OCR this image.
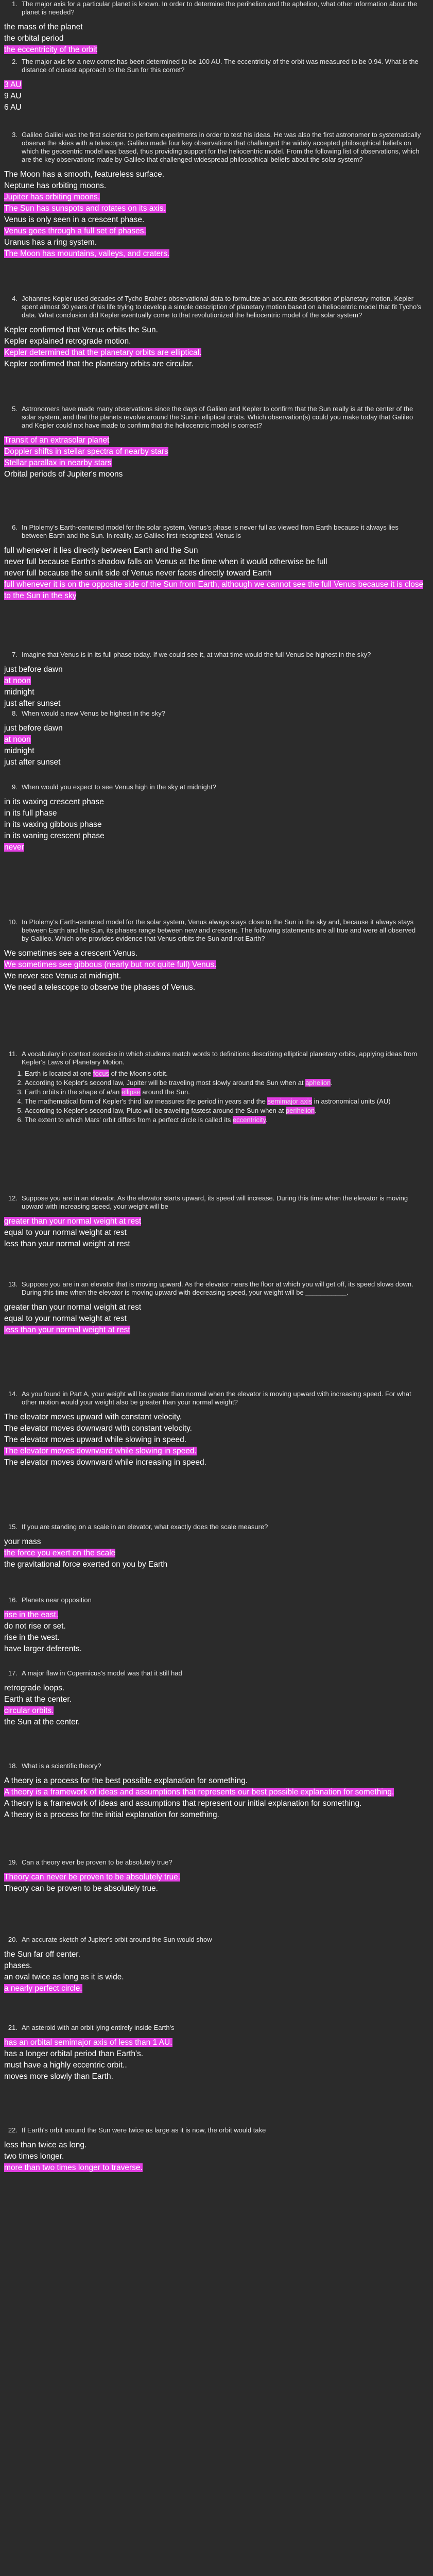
1. The major axis for a particular planet is known. In order to determine the perihelion and the aphelion, what other information about the planet is needed?
the mass of the planet
the orbital period
the eccentricity of the orbit
2. The major axis for a new comet has been determined to be 100 AU. The eccentricity of the orbit was measured to be 0.94. What is the distance of closest approach to the Sun for this comet?
3 AU
9 AU
6 AU
3. Galileo Galilei was the first scientist to perform experiments in order to test his ideas. He was also the first astronomer to systematically observe the skies with a telescope. Galileo made four key observations that challenged the widely accepted philosophical beliefs on which the geocentric model was based, thus providing support for the heliocentric model. From the following list of observations, which are the key observations made by Galileo that challenged widespread philosophical beliefs about the solar system?
The Moon has a smooth, featureless surface.
Neptune has orbiting moons.
Jupiter has orbiting moons.
The Sun has sunspots and rotates on its axis.
Venus is only seen in a crescent phase.
Venus goes through a full set of phases.
Uranus has a ring system.
The Moon has mountains, valleys, and craters.
4. Johannes Kepler used decades of Tycho Brahe's observational data to formulate an accurate description of planetary motion. Kepler spent almost 30 years of his life trying to develop a simple description of planetary motion based on a heliocentric model that fit Tycho's data. What conclusion did Kepler eventually come to that revolutionized the heliocentric model of the solar system?
Kepler confirmed that Venus orbits the Sun.
Kepler explained retrograde motion.
Kepler determined that the planetary orbits are elliptical.
Kepler confirmed that the planetary orbits are circular.
5. Astronomers have made many observations since the days of Galileo and Kepler to confirm that the Sun really is at the center of the solar system, and that the planets revolve around the Sun in elliptical orbits. Which observation(s) could you make today that Galileo and Kepler could not have made to confirm that the heliocentric model is correct?
Transit of an extrasolar planet
Doppler shifts in stellar spectra of nearby stars
Stellar parallax in nearby stars
Orbital periods of Jupiter's moons
6. In Ptolemy's Earth-centered model for the solar system, Venus's phase is never full as viewed from Earth because it always lies between Earth and the Sun. In reality, as Galileo first recognized, Venus is
full whenever it lies directly between Earth and the Sun
never full because Earth's shadow falls on Venus at the time when it would otherwise be full
never full because the sunlit side of Venus never faces directly toward Earth
full whenever it is on the opposite side of the Sun from Earth, although we cannot see the full Venus because it is close to the Sun in the sky
7. Imagine that Venus is in its full phase today. If we could see it, at what time would the full Venus be highest in the sky?
just before dawn
at noon
midnight
just after sunset
8. When would a new Venus be highest in the sky?
just before dawn
at noon
midnight
just after sunset
9. When would you expect to see Venus high in the sky at midnight?
in its waxing crescent phase
in its full phase
in its waxing gibbous phase
in its waning crescent phase
never
10. In Ptolemy's Earth-centered model for the solar system, Venus always stays close to the Sun in the sky and, because it always stays between Earth and the Sun, its phases range between new and crescent. The following statements are all true and were all observed by Galileo. Which one provides evidence that Venus orbits the Sun and not Earth?
We sometimes see a crescent Venus.
We sometimes see gibbous (nearly but not quite full) Venus.
We never see Venus at midnight.
We need a telescope to observe the phases of Venus.
11. A vocabulary in context exercise in which students match words to definitions describing elliptical planetary orbits, applying ideas from Kepler's Laws of Planetary Motion.
1. Earth is located at one focus of the Moon's orbit.
2. According to Kepler's second law, Jupiter will be traveling most slowly around the Sun when at aphelion.
3. Earth orbits in the shape of a/an ellipse around the Sun.
4. The mathematical form of Kepler's third law measures the period in years and the semimajor axis in astronomical units (AU)
5. According to Kepler's second law, Pluto will be traveling fastest around the Sun when at perihelion.
6. The extent to which Mars' orbit differs from a perfect circle is called its eccentricity.
12. Suppose you are in an elevator. As the elevator starts upward, its speed will increase. During this time when the elevator is moving upward with increasing speed, your weight will be
greater than your normal weight at rest
equal to your normal weight at rest
less than your normal weight at rest
13. Suppose you are in an elevator that is moving upward. As the elevator nears the floor at which you will get off, its speed slows down. During this time when the elevator is moving upward with decreasing speed, your weight will be ___________.
greater than your normal weight at rest
equal to your normal weight at rest
less than your normal weight at rest
14. As you found in Part A, your weight will be greater than normal when the elevator is moving upward with increasing speed. For what other motion would your weight also be greater than your normal weight?
The elevator moves upward with constant velocity.
The elevator moves downward with constant velocity.
The elevator moves upward while slowing in speed.
The elevator moves downward while slowing in speed.
The elevator moves downward while increasing in speed.
15. If you are standing on a scale in an elevator, what exactly does the scale measure?
your mass
the force you exert on the scale
the gravitational force exerted on you by Earth
16. Planets near opposition
rise in the east.
do not rise or set.
rise in the west.
have larger deferents.
17. A major flaw in Copernicus's model was that it still had
retrograde loops.
Earth at the center.
circular orbits.
the Sun at the center.
18. What is a scientific theory?
A theory is a process for the best possible explanation for something.
A theory is a framework of ideas and assumptions that represents our best possible explanation for something.
A theory is a framework of ideas and assumptions that represent our initial explanation for something.
A theory is a process for the initial explanation for something.
19. Can a theory ever be proven to be absolutely true?
Theory can never be proven to be absolutely true.
Theory can be proven to be absolutely true.
20. An accurate sketch of Jupiter's orbit around the Sun would show
the Sun far off center.
phases.
an oval twice as long as it is wide.
a nearly perfect circle.
21. An asteroid with an orbit lying entirely inside Earth's
has an orbital semimajor axis of less than 1 AU.
has a longer orbital period than Earth's.
must have a highly eccentric orbit..
moves more slowly than Earth.
22. If Earth's orbit around the Sun were twice as large as it is now, the orbit would take
less than twice as long.
two times longer.
more than two times longer to traverse.
